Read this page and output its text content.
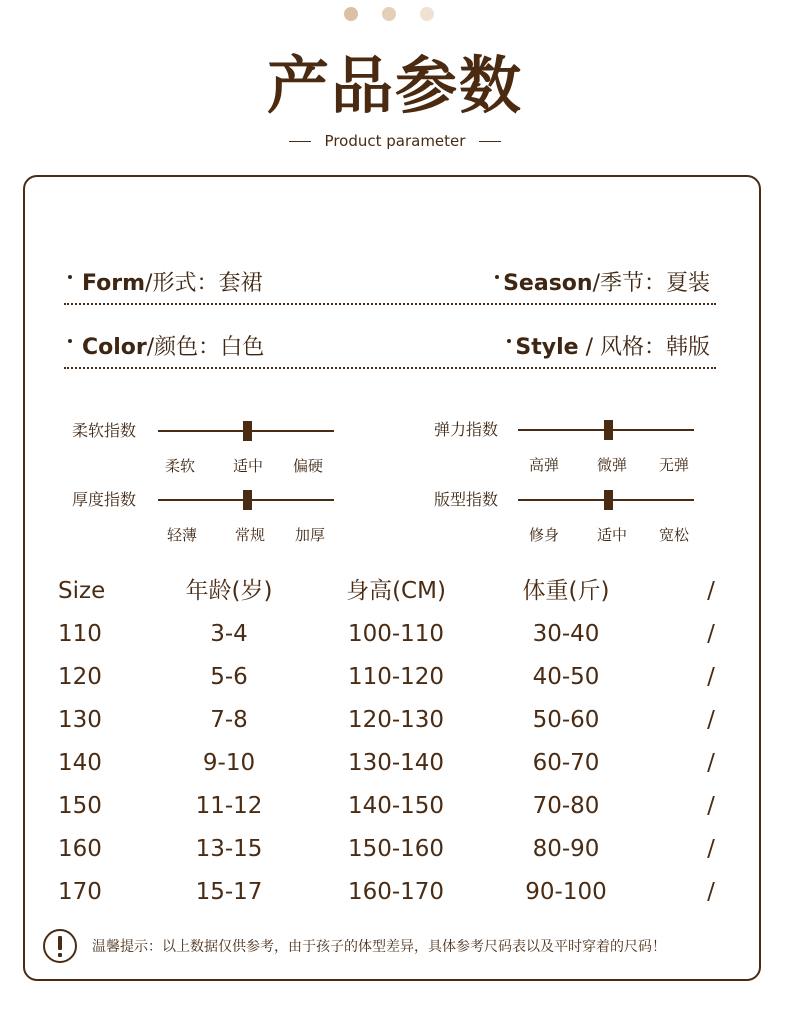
产品参数
Product parameter
Form/形式：套裙	Season/季节：夏装
Color/颜色：白色	Style / 风格：韩版
柔软指数
柔软	适中	偏硬
弹力指数
高弹	微弹	无弹
厚度指数
轻薄	常规	加厚
版型指数
修身	适中	宽松
Size	年龄(岁)	身高(CM)	体重(斤)	/
110	3-4	100-110	30-40	/
120	5-6	110-120	40-50	/
130	7-8	120-130	50-60	/
140	9-10	130-140	60-70	/
150	11-12	140-150	70-80	/
160	13-15	150-160	80-90	/
170	15-17	160-170	90-100	/
温馨提示：以上数据仅供参考，由于孩子的体型差异，具体参考尺码表以及平时穿着的尺码！
